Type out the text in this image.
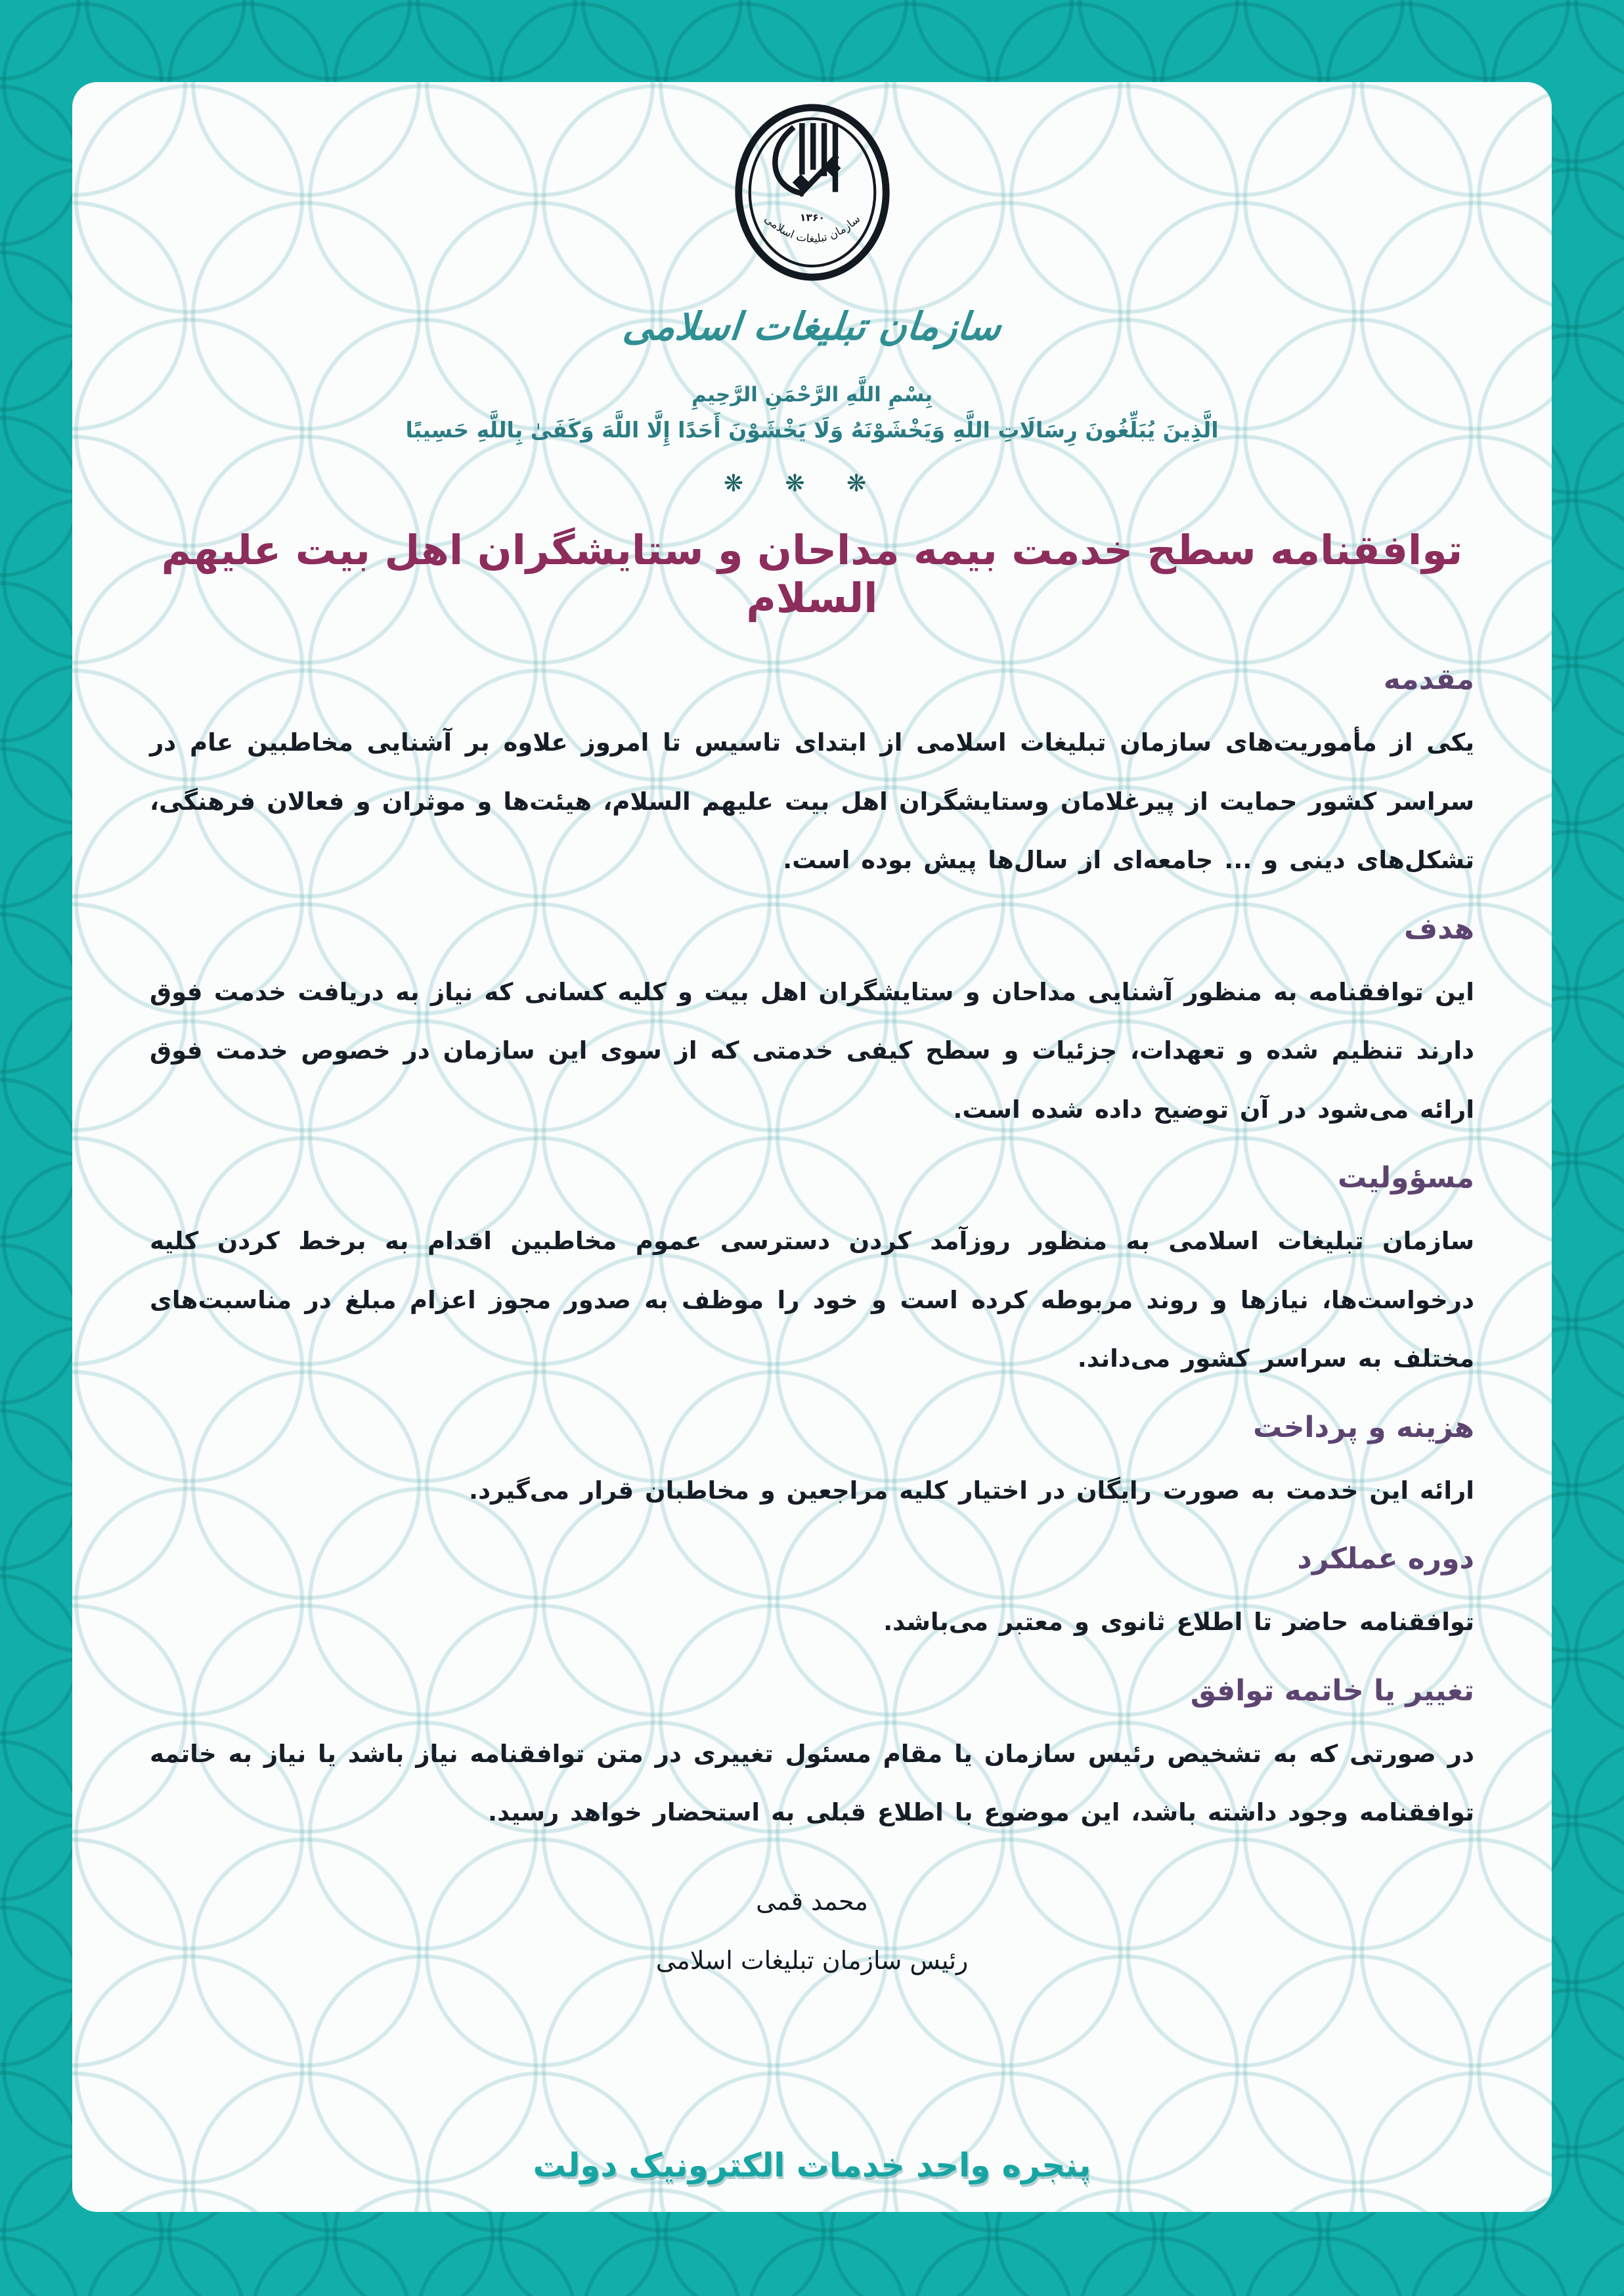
۱۳۶۰
سازمان تبلیغات اسلامی
سازمان تبلیغات اسلامی
بِسْمِ اللَّهِ الرَّحْمَنِ الرَّحِيمِ
الَّذِينَ يُبَلِّغُونَ رِسَالَاتِ اللَّهِ وَيَخْشَوْنَهُ وَلَا يَخْشَوْنَ أَحَدًا إِلَّا اللَّهَ وَكَفَىٰ بِاللَّهِ حَسِيبًا
❋ ❋ ❋
توافقنامه سطح خدمت بیمه مداحان و ستایشگران اهل بیت علیهم السلام
مقدمه

یکی از مأموریت‌های سازمان تبلیغات اسلامی از ابتدای تاسیس تا امروز علاوه بر آشنایی مخاطبین عام در سراسر کشور حمایت از پیرغلامان وستایشگران اهل بیت علیهم السلام، هیئت‌ها و موثران و فعالان فرهنگی، تشکل‌های دینی و ... جامعه‌ای از سال‌ها پیش بوده است.

هدف

این توافقنامه به منظور آشنایی مداحان و ستایشگران اهل بیت و کلیه کسانی که نیاز به دریافت خدمت فوق دارند تنظیم شده و تعهدات، جزئیات و سطح کیفی خدمتی که از سوی این سازمان در خصوص خدمت فوق ارائه می‌شود در آن توضیح داده شده است.

مسؤولیت

سازمان تبلیغات اسلامی به منظور روزآمد کردن دسترسی عموم مخاطبین اقدام به برخط کردن کلیه درخواست‌ها، نیازها و روند مربوطه کرده است و خود را موظف به صدور مجوز اعزام مبلغ در مناسبت‌های مختلف به سراسر کشور می‌داند.

هزینه و پرداخت

ارائه این خدمت به صورت رایگان در اختیار کلیه مراجعین و مخاطبان قرار می‌گیرد.

دوره عملکرد

توافقنامه حاضر تا اطلاع ثانوی و معتبر می‌باشد.

تغییر یا خاتمه توافق

در صورتی که به تشخیص رئیس سازمان یا مقام مسئول تغییری در متن توافقنامه نیاز باشد یا نیاز به خاتمه توافقنامه وجود داشته باشد، این موضوع با اطلاع قبلی به استحضار خواهد رسید.

محمد قمی
رئیس سازمان تبلیغات اسلامی
پنجره واحد خدمات الکترونیک دولت
